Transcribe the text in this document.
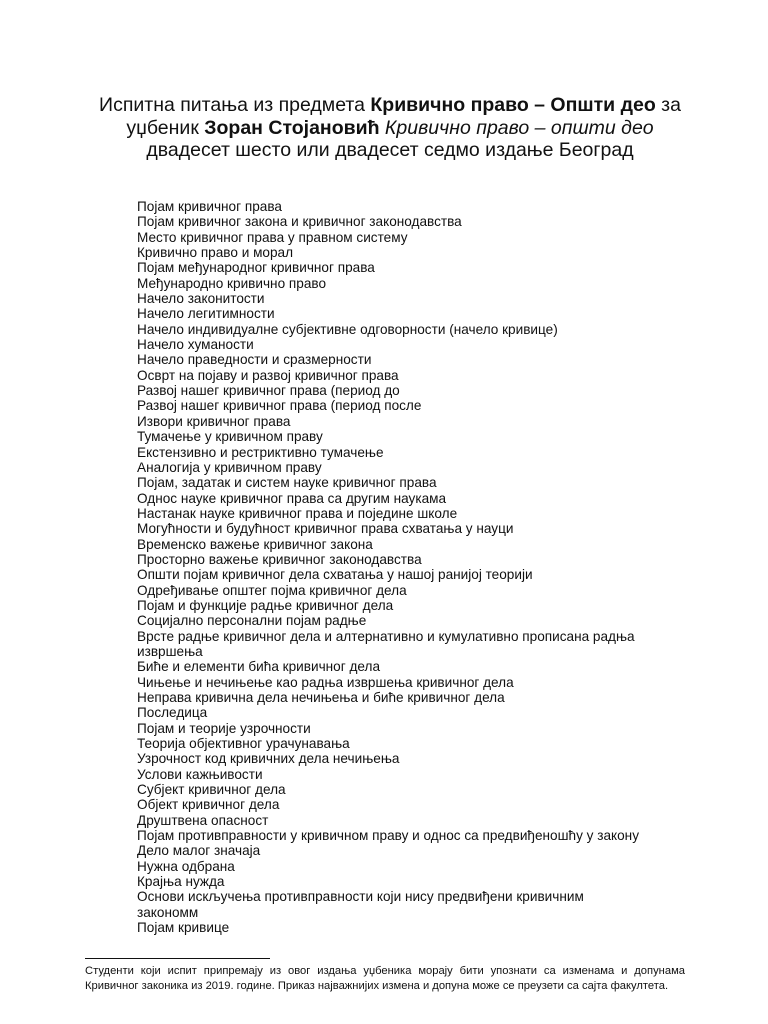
Испитна питања из предмета Кривично право – Општи део за
уџбеник Зоран Стојановић Кривично право – општи део
двадесет шесто или двадесет седмо издање Београд
Појам кривичног права
Појам кривичног закона и кривичног законодавства
Место кривичног права у правном систему
Кривично право и морал
Појам међународног кривичног права
Међународно кривично право
Начело законитости
Начело легитимности
Начело индивидуалне субјективне одговорности (начело кривице)
Начело хуманости
Начело праведности и сразмерности
Осврт на појаву и развој кривичног права
Развој нашег кривичног права (период до
Развој нашег кривичног права (период после
Извори кривичног права
Тумачење у кривичном праву
Екстензивно и рестриктивно тумачење
Аналогија у кривичном праву
Појам, задатак и систем науке кривичног права
Однос науке кривичног права са другим наукама
Настанак науке кривичног права и поједине школе
Могућности и будућност кривичног права схватања у науци
Временско важење кривичног закона
Просторно важење кривичног законодавства
Општи појам кривичног дела схватања у нашој ранијој теорији
Одређивање општег појма кривичног дела
Појам и функције радње кривичног дела
Социјално персонални појам радње
Врсте радње кривичног дела и алтернативно и кумулативно прописана радња
извршења
Биће и елементи бића кривичног дела
Чињење и нечињење као радња извршења кривичног дела
Неправа кривична дела нечињења и биће кривичног дела
Последица
Појам и теорије узрочности
Теорија објективног урачунавања
Узрочност код кривичних дела нечињења
Услови кажњивости
Субјект кривичног дела
Објект кривичног дела
Друштвена опасност
Појам противправности у кривичном праву и однос са предвиђеношћу у закону
Дело малог значаја
Нужна одбрана
Крајња нужда
Основи искључења противправности који нису предвиђени кривичним
закономм
Појам кривице
Студенти који испит припремају из овог издања уџбеника морају бити упознати са изменама и допунама Кривичног законика из 2019. године. Приказ најважнијих измена и допуна може се преузети са сајта факултета.
